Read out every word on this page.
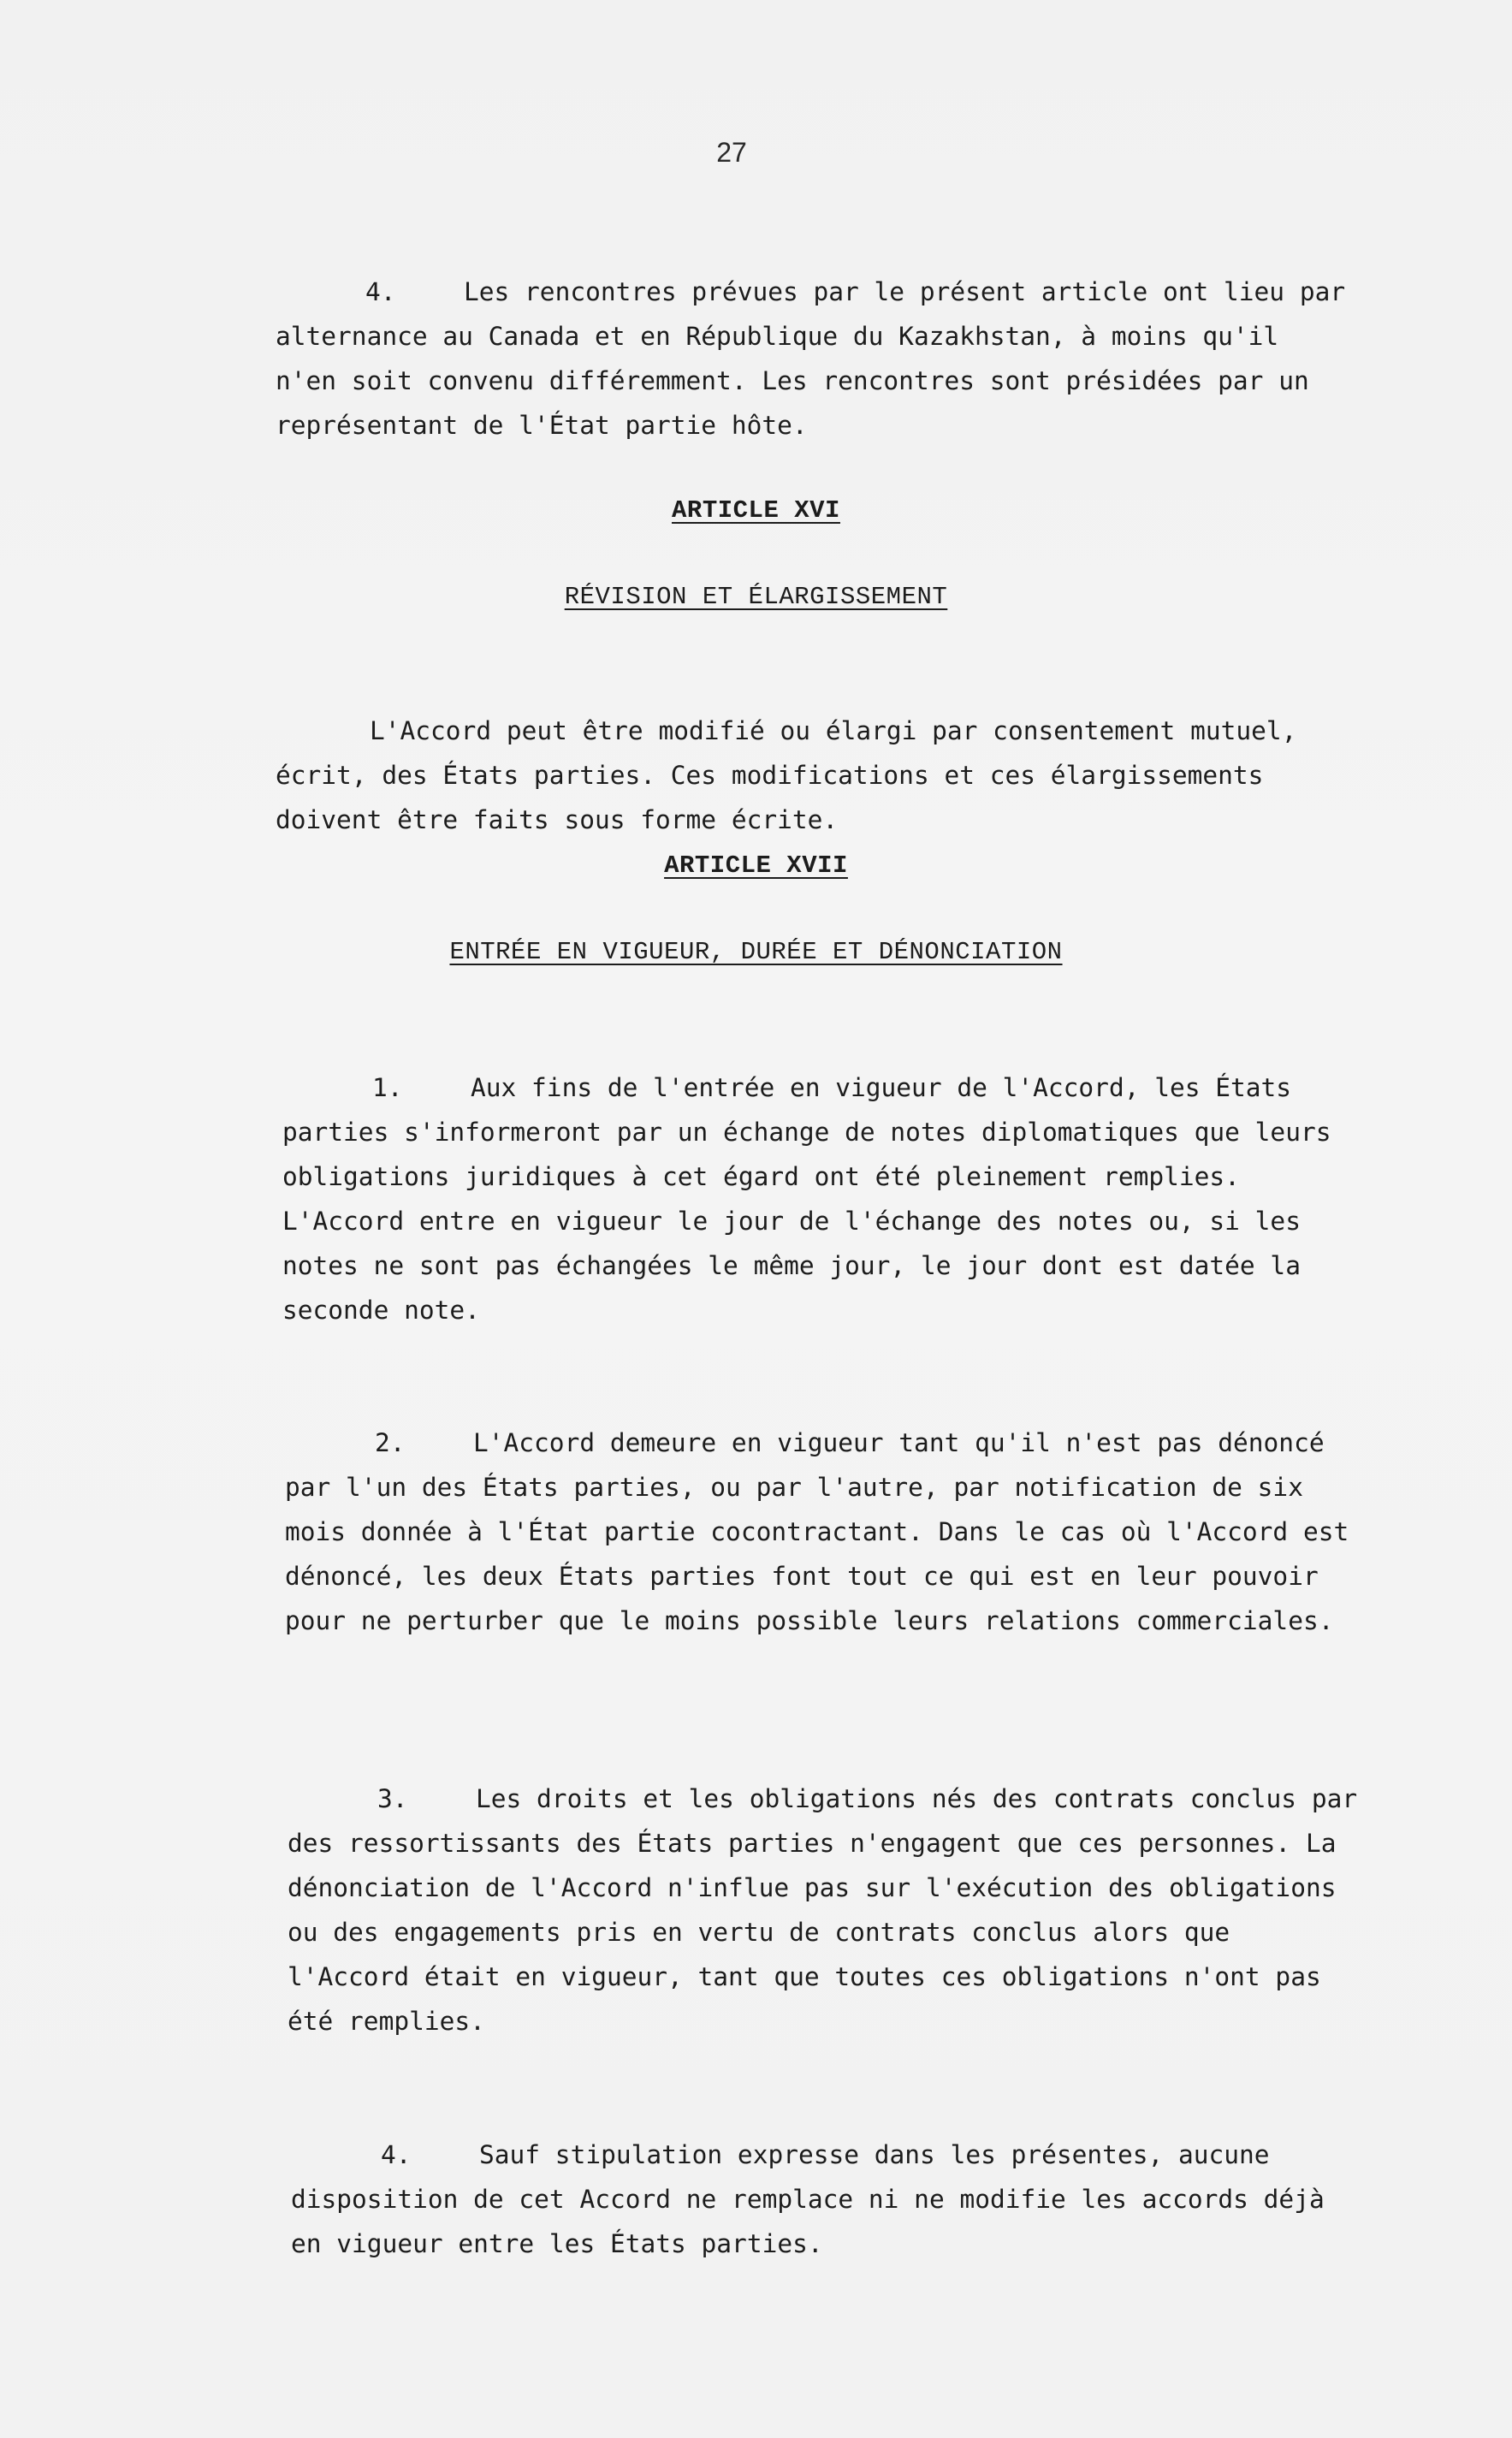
27

4.	Les rencontres prévues par le présent article ont lieu par alternance au Canada et en République du Kazakhstan, à moins qu'il n'en soit convenu différemment. Les rencontres sont présidées par un représentant de l'État partie hôte.

ARTICLE XVI
RÉVISION ET ÉLARGISSEMENT

L'Accord peut être modifié ou élargi par consentement mutuel, écrit, des États parties. Ces modifications et ces élargissements doivent être faits sous forme écrite.

ARTICLE XVII
ENTRÉE EN VIGUEUR, DURÉE ET DÉNONCIATION

1.	Aux fins de l'entrée en vigueur de l'Accord, les États parties s'informeront par un échange de notes diplomatiques que leurs obligations juridiques à cet égard ont été pleinement remplies. L'Accord entre en vigueur le jour de l'échange des notes ou, si les notes ne sont pas échangées le même jour, le jour dont est datée la seconde note.

2.	L'Accord demeure en vigueur tant qu'il n'est pas dénoncé par l'un des États parties, ou par l'autre, par notification de six mois donnée à l'État partie cocontractant. Dans le cas où l'Accord est dénoncé, les deux États parties font tout ce qui est en leur pouvoir pour ne perturber que le moins possible leurs relations commerciales.

3.	Les droits et les obligations nés des contrats conclus par des ressortissants des États parties n'engagent que ces personnes. La dénonciation de l'Accord n'influe pas sur l'exécution des obligations ou des engagements pris en vertu de contrats conclus alors que l'Accord était en vigueur, tant que toutes ces obligations n'ont pas été remplies.

4.	Sauf stipulation expresse dans les présentes, aucune disposition de cet Accord ne remplace ni ne modifie les accords déjà en vigueur entre les États parties.
